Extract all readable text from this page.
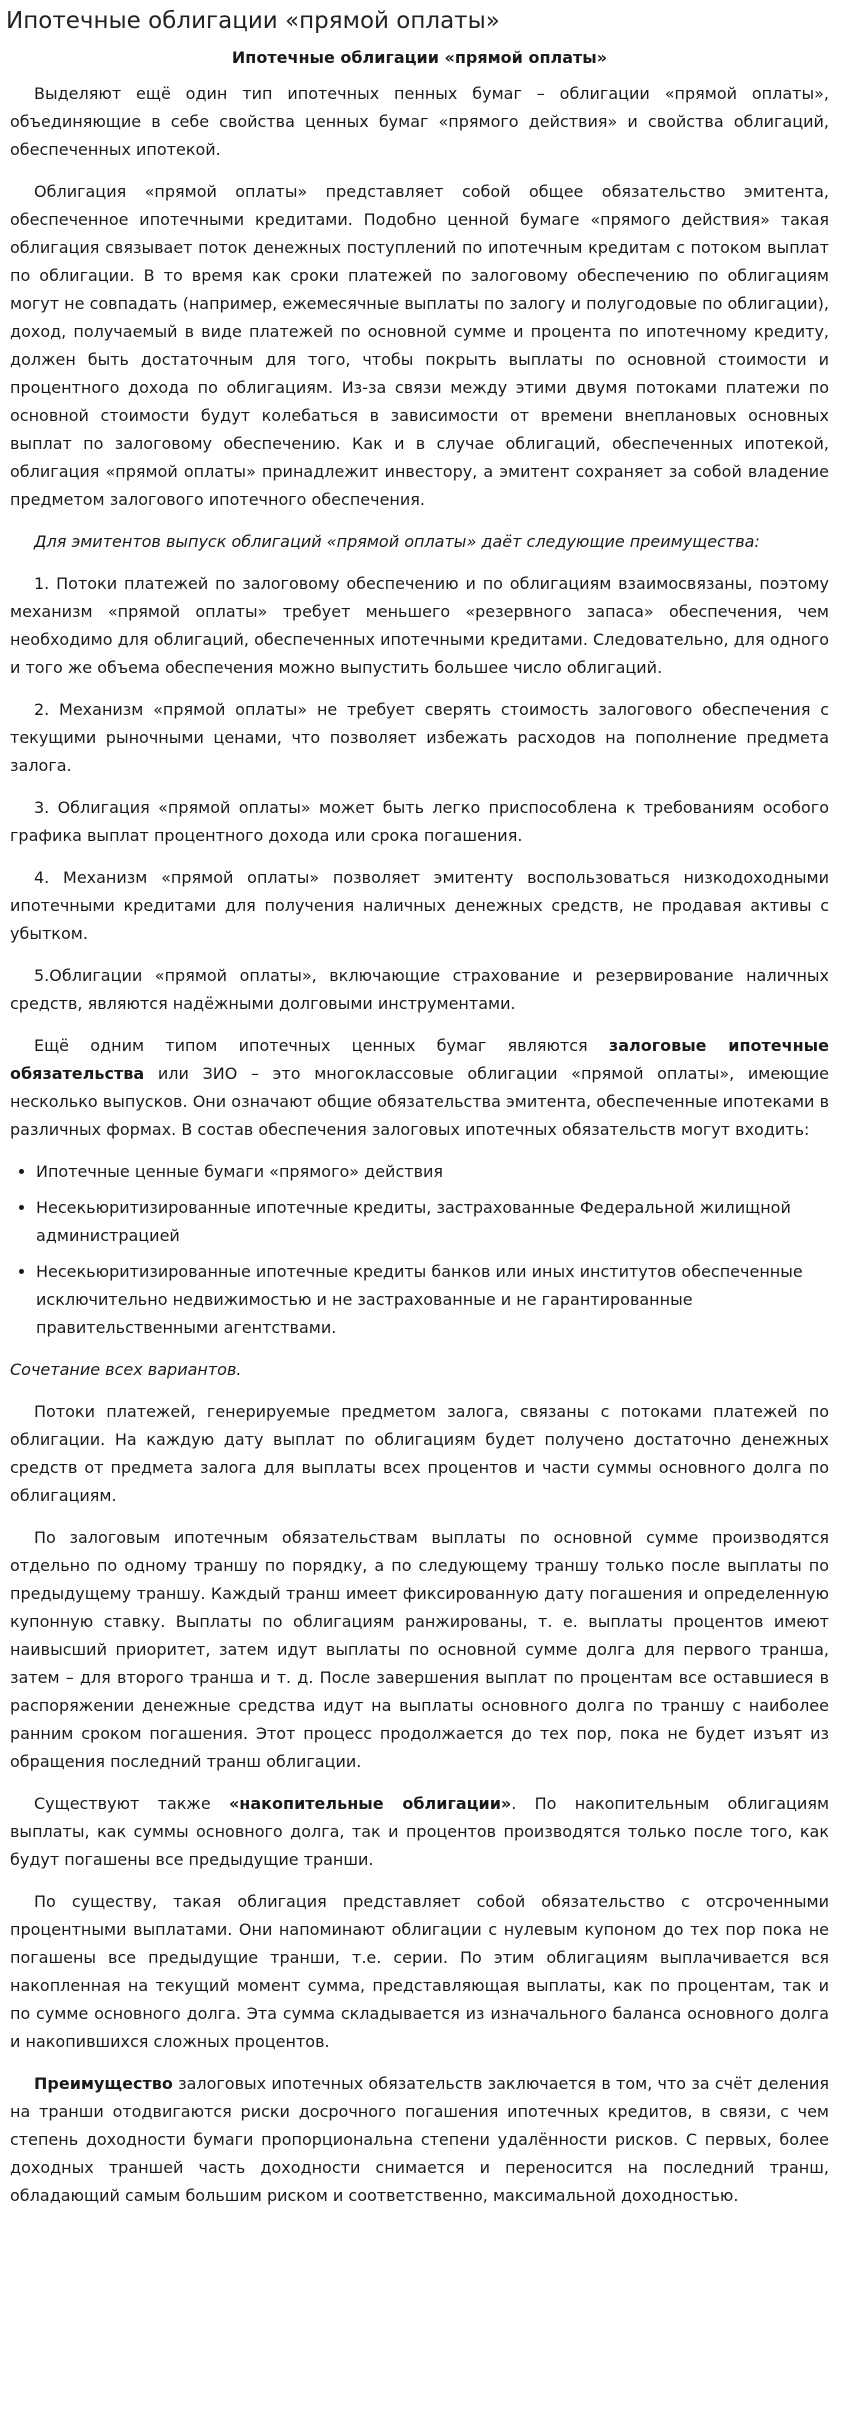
Ипотечные облигации «прямой оплаты»
Ипотечные облигации «прямой оплаты»

Выделяют ещё один тип ипотечных пенных бумаг – облигации «прямой оплаты», объединяющие в себе свойства ценных бумаг «прямого действия» и свойства облигаций, обеспеченных ипотекой.

Облигация «прямой оплаты» представляет собой общее обязательство эмитента, обеспеченное ипотечными кредитами. Подобно ценной бумаге «прямого действия» такая облигация связывает поток денежных поступлений по ипотечным кредитам с потоком выплат по облигации. В то время как сроки платежей по залоговому обеспечению по облигациям могут не совпадать (например, ежемесячные выплаты по залогу и полугодовые по облигации), доход, получаемый в виде платежей по основной сумме и процента по ипотечному кредиту, должен быть достаточным для того, чтобы покрыть выплаты по основной стоимости и процентного дохода по облигациям. Из-за связи между этими двумя потоками платежи по основной стоимости будут колебаться в зависимости от времени внеплановых основных выплат по залоговому обеспечению. Как и в случае облигаций, обеспеченных ипотекой, облигация «прямой оплаты» принадлежит инвестору, а эмитент сохраняет за собой владение предметом залогового ипотечного обеспечения.

Для эмитентов выпуск облигаций «прямой оплаты» даёт следующие преимущества:

1. Потоки платежей по залоговому обеспечению и по облигациям взаимосвязаны, поэтому механизм «прямой оплаты» требует меньшего «резервного запаса» обеспечения, чем необходимо для облигаций, обеспеченных ипотечными кредитами. Следовательно, для одного и того же объема обеспечения можно выпустить большее число облигаций.

2. Механизм «прямой оплаты» не требует сверять стоимость залогового обеспечения с текущими рыночными ценами, что позволяет избежать расходов на пополнение предмета залога.

3. Облигация «прямой оплаты» может быть легко приспособлена к требованиям особого графика выплат процентного дохода или срока погашения.

4. Механизм «прямой оплаты» позволяет эмитенту воспользоваться низкодоходными ипотечными кредитами для получения наличных денежных средств, не продавая активы с убытком.

5.Облигации «прямой оплаты», включающие страхование и резервирование наличных средств, являются надёжными долговыми инструментами.

Ещё одним типом ипотечных ценных бумаг являются залоговые ипотечные обязательства или ЗИО – это многоклассовые облигации «прямой оплаты», имеющие несколько выпусков. Они означают общие обязательства эмитента, обеспеченные ипотеками в различных формах. В состав обеспечения залоговых ипотечных обязательств могут входить:

• Ипотечные ценные бумаги «прямого» действия
• Несекьюритизированные ипотечные кредиты, застрахованные Федеральной жилищной администрацией
• Несекьюритизированные ипотечные кредиты банков или иных институтов обеспеченные исключительно недвижимостью и не застрахованные и не гарантированные правительственными агентствами.

Сочетание всех вариантов.

Потоки платежей, генерируемые предметом залога, связаны с потоками платежей по облигации. На каждую дату выплат по облигациям будет получено достаточно денежных средств от предмета залога для выплаты всех процентов и части суммы основного долга по облигациям.

По залоговым ипотечным обязательствам выплаты по основной сумме производятся отдельно по одному траншу по порядку, а по следующему траншу только после выплаты по предыдущему траншу. Каждый транш имеет фиксированную дату погашения и определенную купонную ставку. Выплаты по облигациям ранжированы, т. е. выплаты процентов имеют наивысший приоритет, затем идут выплаты по основной сумме долга для первого транша, затем – для второго транша и т. д. После завершения выплат по процентам все оставшиеся в распоряжении денежные средства идут на выплаты основного долга по траншу с наиболее ранним сроком погашения. Этот процесс продолжается до тех пор, пока не будет изъят из обращения последний транш облигации.

Существуют также «накопительные облигации». По накопительным облигациям выплаты, как суммы основного долга, так и процентов производятся только после того, как будут погашены все предыдущие транши.

По существу, такая облигация представляет собой обязательство с отсроченными процентными выплатами. Они напоминают облигации с нулевым купоном до тех пор пока не погашены все предыдущие транши, т.е. серии. По этим облигациям выплачивается вся накопленная на текущий момент сумма, представляющая выплаты, как по процентам, так и по сумме основного долга. Эта сумма складывается из изначального баланса основного долга и накопившихся сложных процентов.

Преимущество залоговых ипотечных обязательств заключается в том, что за счёт деления на транши отодвигаются риски досрочного погашения ипотечных кредитов, в связи, с чем степень доходности бумаги пропорциональна степени удалённости рисков. С первых, более доходных траншей часть доходности снимается и переносится на последний транш, обладающий самым большим риском и соответственно, максимальной доходностью.
